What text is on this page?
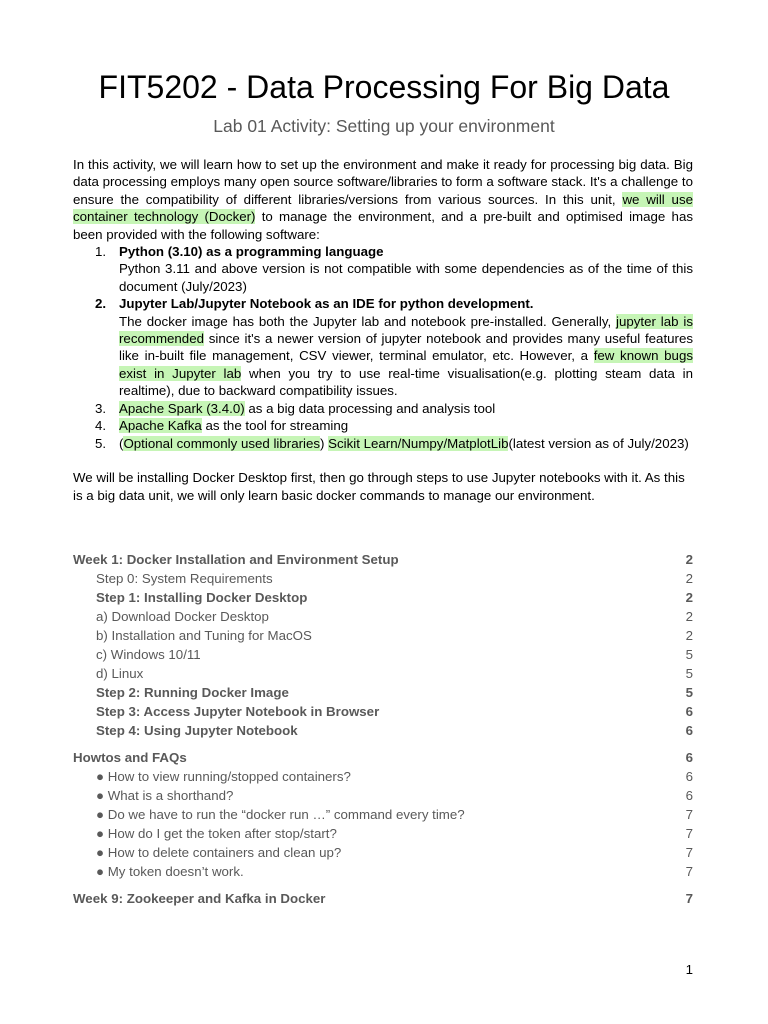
FIT5202 - Data Processing For Big Data
Lab 01 Activity: Setting up your environment

In this activity, we will learn how to set up the environment and make it ready for processing big data. Big data processing employs many open source software/libraries to form a software stack. It's a challenge to ensure the compatibility of different libraries/versions from various sources. In this unit, we will use container technology (Docker) to manage the environment, and a pre-built and optimised image has been provided with the following software:

1. Python (3.10) as a programming language
Python 3.11 and above version is not compatible with some dependencies as of the time of this document (July/2023)
2. Jupyter Lab/Jupyter Notebook as an IDE for python development.
The docker image has both the Jupyter lab and notebook pre-installed. Generally, jupyter lab is recommended since it's a newer version of jupyter notebook and provides many useful features like in-built file management, CSV viewer, terminal emulator, etc. However, a few known bugs exist in Jupyter lab when you try to use real-time visualisation(e.g. plotting steam data in realtime), due to backward compatibility issues.
3. Apache Spark (3.4.0) as a big data processing and analysis tool
4. Apache Kafka as the tool for streaming
5. (Optional commonly used libraries) Scikit Learn/Numpy/MatplotLib(latest version as of July/2023)

We will be installing Docker Desktop first, then go through steps to use Jupyter notebooks with it. As this is a big data unit, we will only learn basic docker commands to manage our environment.

Week 1: Docker Installation and Environment Setup	2
Step 0: System Requirements	2
Step 1: Installing Docker Desktop	2
a) Download Docker Desktop	2
b) Installation and Tuning for MacOS	2
c) Windows 10/11	5
d) Linux	5
Step 2: Running Docker Image	5
Step 3: Access Jupyter Notebook in Browser	6
Step 4: Using Jupyter Notebook	6
Howtos and FAQs	6
● How to view running/stopped containers?	6
● What is a shorthand?	6
● Do we have to run the “docker run …” command every time?	7
● How do I get the token after stop/start?	7
● How to delete containers and clean up?	7
● My token doesn’t work.	7
Week 9: Zookeeper and Kafka in Docker	7
1
